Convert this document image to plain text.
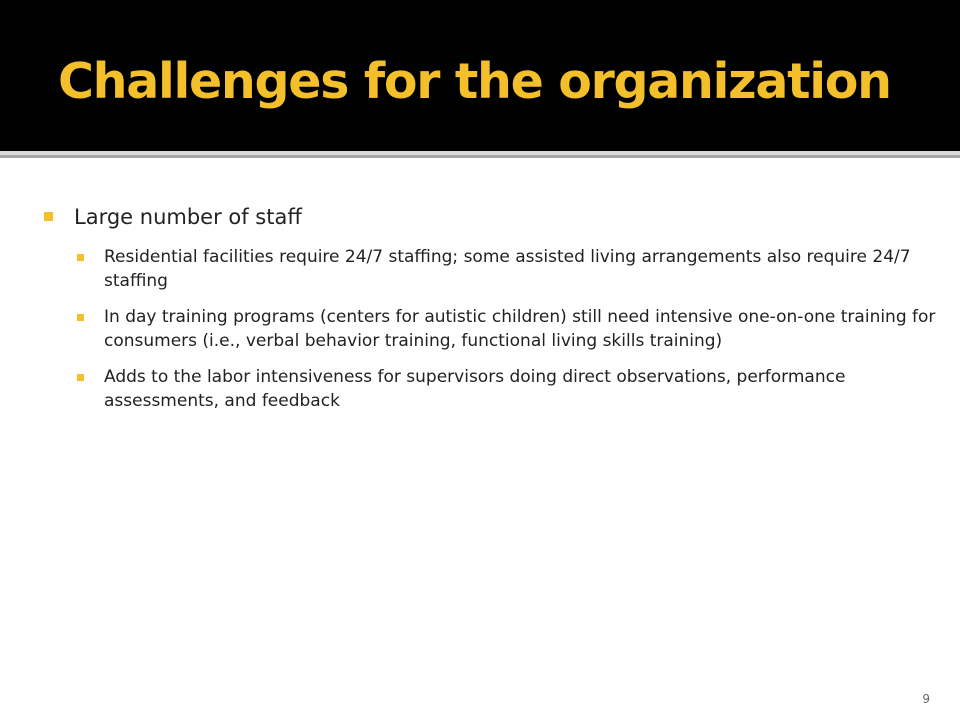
Challenges for the organization
Large number of staff
Residential facilities require 24/7 staffing; some assisted living arrangements also require 24/7 staffing
In day training programs (centers for autistic children) still need intensive one-on-one training for consumers (i.e., verbal behavior training, functional living skills training)
Adds to the labor intensiveness for supervisors doing direct observations, performance assessments, and feedback
9
